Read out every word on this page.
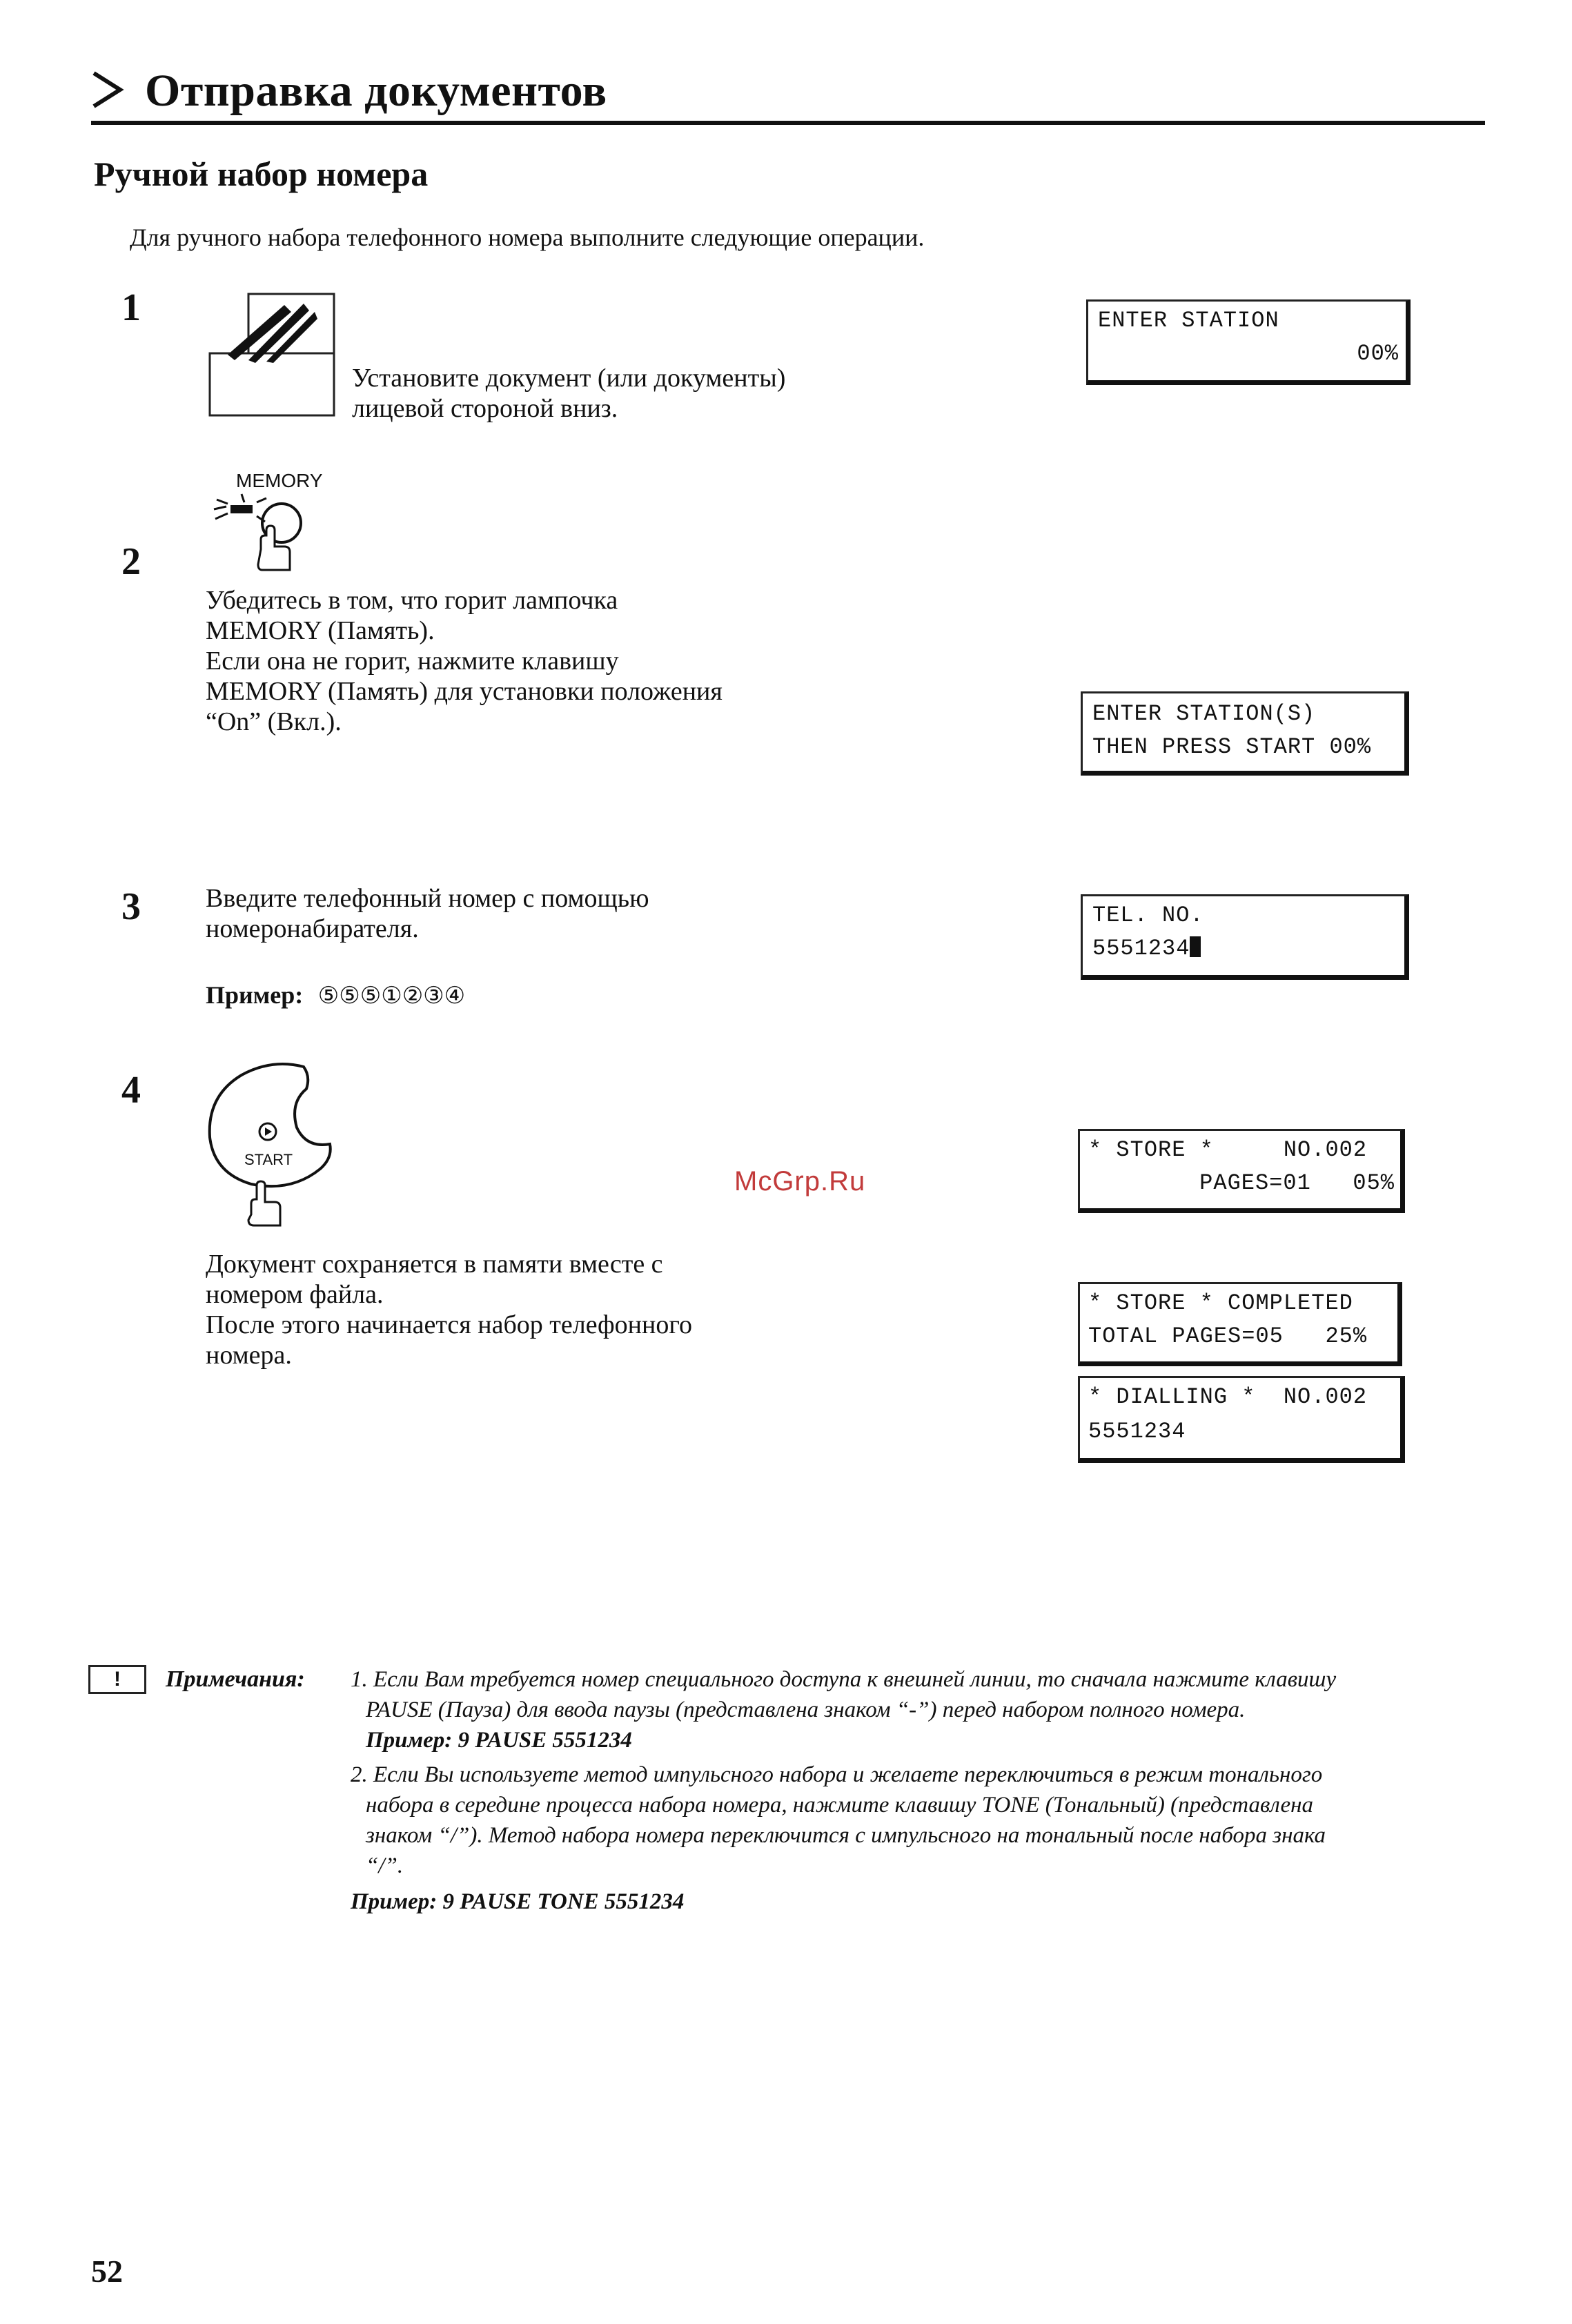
Отправка документов
Ручной набор номера
Для ручного набора телефонного номера выполните следующие операции.
1
Установите документ (или документы)
лицевой стороной вниз.
2
MEMORY
Убедитесь в том, что горит лампочка
MEMORY (Память).
Если она не горит, нажмите клавишу
MEMORY (Память) для установки положения
“On” (Вкл.).
3 Введите телефонный номер с помощью
номеронабирателя.
Пример: ⑤⑤⑤①②③④
4
START
Документ сохраняется в памяти вместе с
номером файла.
После этого начинается набор телефонного
номера.
ENTER STATION
00%
ENTER STATION(S)
THEN PRESS START 00%
TEL. NO.
5551234
* STORE *     NO.002
PAGES=01   05%
* STORE * COMPLETED
TOTAL PAGES=05   25%
* DIALLING *  NO.002
5551234
McGrp.Ru
!	Примечания: 1. Если Вам требуется номер специального доступа к внешней линии, то сначала нажмите клавишу
PAUSE (Пауза) для ввода паузы (представлена знаком “-”) перед набором полного номера.
Пример: 9 PAUSE 5551234
2. Если Вы используете метод импульсного набора и желаете переключиться в режим тонального
набора в середине процесса набора номера, нажмите клавишу TONE (Тональный) (представлена
знаком “/”). Метод набора номера переключится с импульсного на тональный после набора знака
“/”.
Пример: 9 PAUSE TONE 5551234
52
